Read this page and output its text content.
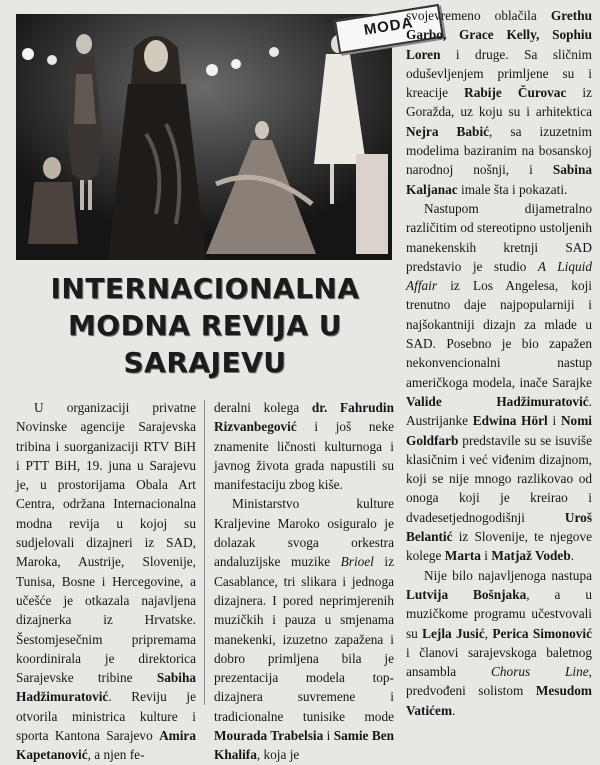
MODA
INTERNACIONALNA
MODNA REVIJA U
SARAJEVU

U organizaciji privatne Novinske agencije Sarajevska tribina i suorganizaciji RTV BiH i PTT BiH, 19. juna u Sarajevu je, u prostorijama Obala Art Centra, održana Internacionalna modna revija u kojoj su sudjelovali dizajneri iz SAD, Maroka, Austrije, Slovenije, Tunisa, Bosne i Hercegovine, a učešće je otkazala najavljena dizajnerka iz Hrvatske. Šestomjesečnim pripremama koordinirala je direktorica Sarajevske tribine Sabiha Hadžimuratović. Reviju je otvorila ministrica kulture i sporta Kantona Sarajevo Amira Kapetanović, a njen fe-

deralni kolega dr. Fahrudin Rizvanbegović i još neke znamenite ličnosti kulturnoga i javnog života grada napustili su manifestaciju zbog kiše.

Ministarstvo kulture Kraljevine Maroko osiguralo je dolazak svoga orkestra andaluzijske muzike Brioel iz Casablance, tri slikara i jednoga dizajnera. I pored neprimjerenih muzičkih i pauza u smjenama manekenki, izuzetno zapažena i dobro primljena bila je prezentacija modela top-dizajnera suvremene i tradicionalne tunisike mode Mourada Trabelsia i Samie Ben Khalifa, koja je

svojevremeno oblačila Grethu Garbo, Grace Kelly, Sophiu Loren i druge. Sa sličnim oduševljenjem primljene su i kreacije Rabije Čurovac iz Goražda, uz koju su i arhitektica Nejra Babić, sa izuzetnim modelima baziranim na bosanskoj narodnoj nošnji, i Sabina Kaljanac imale šta i pokazati.

Nastupom dijametralno različitim od stereotipno ustoljenih manekenskih kretnji SAD predstavio je studio A Liquid Affair iz Los Angelesa, koji trenutno daje najpopularniji i najšokantniji dizajn za mlade u SAD. Posebno je bio zapažen nekonvencionalni nastup američkoga modela, inače Sarajke Valide Hadžimuratović. Austrijanke Edwina Hörl i Nomi Goldfarb predstavile su se isuviše klasičnim i već viđenim dizajnom, koji se nije mnogo razlikovao od onoga koji je kreirao i dvadesetjednogodišnji Uroš Belantić iz Slovenije, te njegove kolege Marta i Matjaž Vodeb.

Nije bilo najavljenoga nastupa Lutvija Bošnjaka, a u muzičkome programu učestvovali su Lejla Jusić, Perica Simonović i članovi sarajevskoga baletnog ansambla Chorus Line, predvođeni solistom Mesudom Vatićem.
